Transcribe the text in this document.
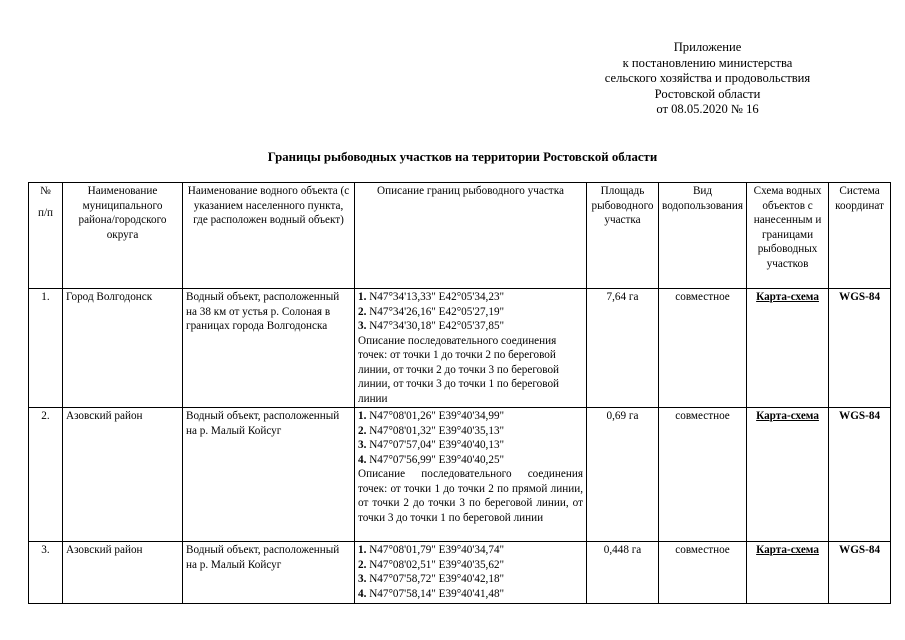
Приложение
к постановлению министерства
сельского хозяйства и продовольствия
Ростовской области
от 08.05.2020 № 16
Границы рыбоводных участков на территории Ростовской области
№
п/п	Наименование муниципального района/городского округа	Наименование водного объекта (с указанием населенного пункта, где расположен водный объект)	Описание границ рыбоводного участка	Площадь рыбоводного участка	Вид водопользования	Схема водных объектов с нанесенным и границами рыбоводных участков	Система координат
1.	Город Волгодонск	Водный объект, расположенный на 38 км от устья р. Солоная в границах города Волгодонска	1. N47°34'13,33" E42°05'34,23"
2. N47°34'26,16" E42°05'27,19"
3. N47°34'30,18" E42°05'37,85"
Описание последовательного соединения точек: от точки 1 до точки 2 по береговой линии, от точки 2 до точки 3 по береговой линии, от точки 3 до точки 1 по береговой линии	7,64 га	совместное	Карта-схема	WGS-84
2.	Азовский район	Водный объект, расположенный на р. Малый Койсуг	1. N47°08'01,26" E39°40'34,99"
2. N47°08'01,32" E39°40'35,13"
3. N47°07'57,04" E39°40'40,13"
4. N47°07'56,99" E39°40'40,25"
Описание последовательного соединения точек: от точки 1 до точки 2 по прямой линии, от точки 2 до точки 3 по береговой линии, от точки 3 до точки 1 по береговой линии	0,69 га	совместное	Карта-схема	WGS-84
3.	Азовский район	Водный объект, расположенный на р. Малый Койсуг	1. N47°08'01,79" E39°40'34,74"
2. N47°08'02,51" E39°40'35,62"
3. N47°07'58,72" E39°40'42,18"
4. N47°07'58,14" E39°40'41,48"	0,448 га	совместное	Карта-схема	WGS-84
